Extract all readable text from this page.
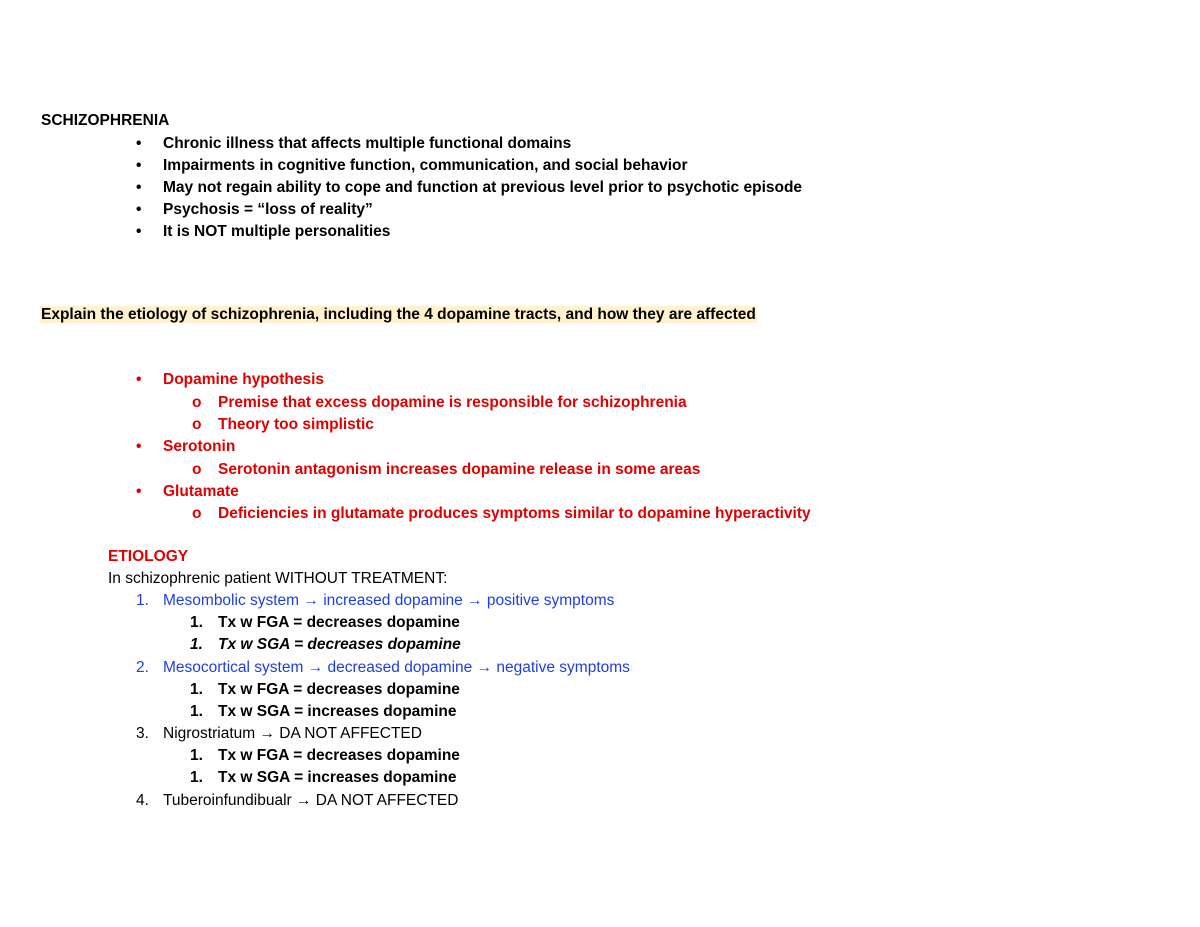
SCHIZOPHRENIA
• Chronic illness that affects multiple functional domains
• Impairments in cognitive function, communication, and social behavior
• May not regain ability to cope and function at previous level prior to psychotic episode
• Psychosis = “loss of reality”
• It is NOT multiple personalities
Explain the etiology of schizophrenia, including the 4 dopamine tracts, and how they are affected
• Dopamine hypothesis
o Premise that excess dopamine is responsible for schizophrenia
o Theory too simplistic
• Serotonin
o Serotonin antagonism increases dopamine release in some areas
• Glutamate
o Deficiencies in glutamate produces symptoms similar to dopamine hyperactivity
ETIOLOGY
In schizophrenic patient WITHOUT TREATMENT:
1. Mesombolic system → increased dopamine → positive symptoms
1. Tx w FGA = decreases dopamine
1. Tx w SGA = decreases dopamine
2. Mesocortical system → decreased dopamine → negative symptoms
1. Tx w FGA = decreases dopamine
1. Tx w SGA = increases dopamine
3. Nigrostriatum → DA NOT AFFECTED
1. Tx w FGA = decreases dopamine
1. Tx w SGA = increases dopamine
4. Tuberoinfundibualr → DA NOT AFFECTED
